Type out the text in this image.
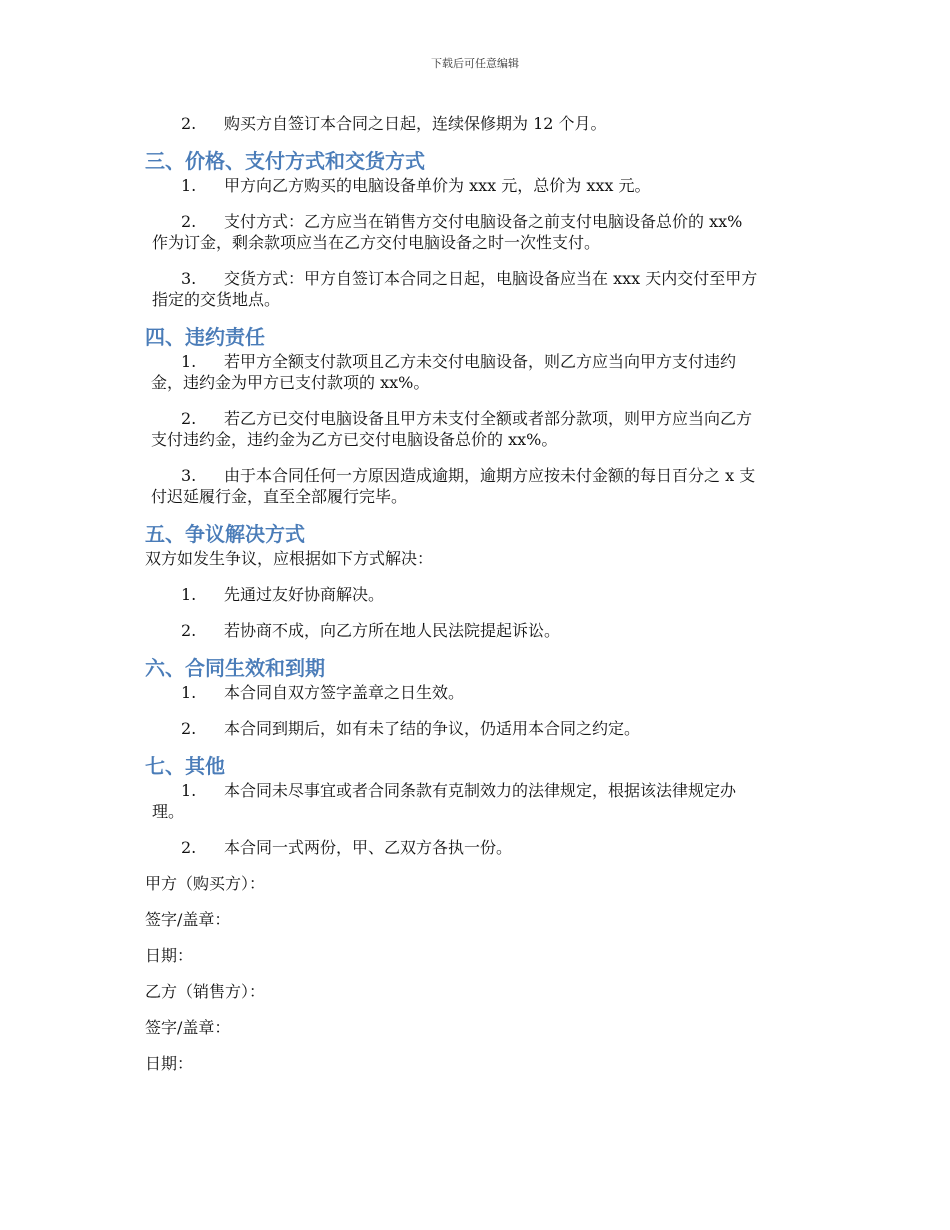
下载后可任意编辑
2.	购买方自签订本合同之日起，连续保修期为 12 个月。
三、价格、支付方式和交货方式
1.	甲方向乙方购买的电脑设备单价为 xxx 元，总价为 xxx 元。
2.	支付方式：乙方应当在销售方交付电脑设备之前支付电脑设备总价的 xx%
作为订金，剩余款项应当在乙方交付电脑设备之时一次性支付。
3.	交货方式：甲方自签订本合同之日起，电脑设备应当在 xxx 天内交付至甲方
指定的交货地点。
四、违约责任
1.	若甲方全额支付款项且乙方未交付电脑设备，则乙方应当向甲方支付违约
金，违约金为甲方已支付款项的 xx%。
2.	若乙方已交付电脑设备且甲方未支付全额或者部分款项，则甲方应当向乙方
支付违约金，违约金为乙方已交付电脑设备总价的 xx%。
3.	由于本合同任何一方原因造成逾期，逾期方应按未付金额的每日百分之 x 支
付迟延履行金，直至全部履行完毕。
五、争议解决方式
双方如发生争议，应根据如下方式解决：
1.	先通过友好协商解决。
2.	若协商不成，向乙方所在地人民法院提起诉讼。
六、合同生效和到期
1.	本合同自双方签字盖章之日生效。
2.	本合同到期后，如有未了结的争议，仍适用本合同之约定。
七、其他
1.	本合同未尽事宜或者合同条款有克制效力的法律规定，根据该法律规定办
理。
2.	本合同一式两份，甲、乙双方各执一份。
甲方（购买方）：
签字/盖章：
日期：
乙方（销售方）：
签字/盖章：
日期：
